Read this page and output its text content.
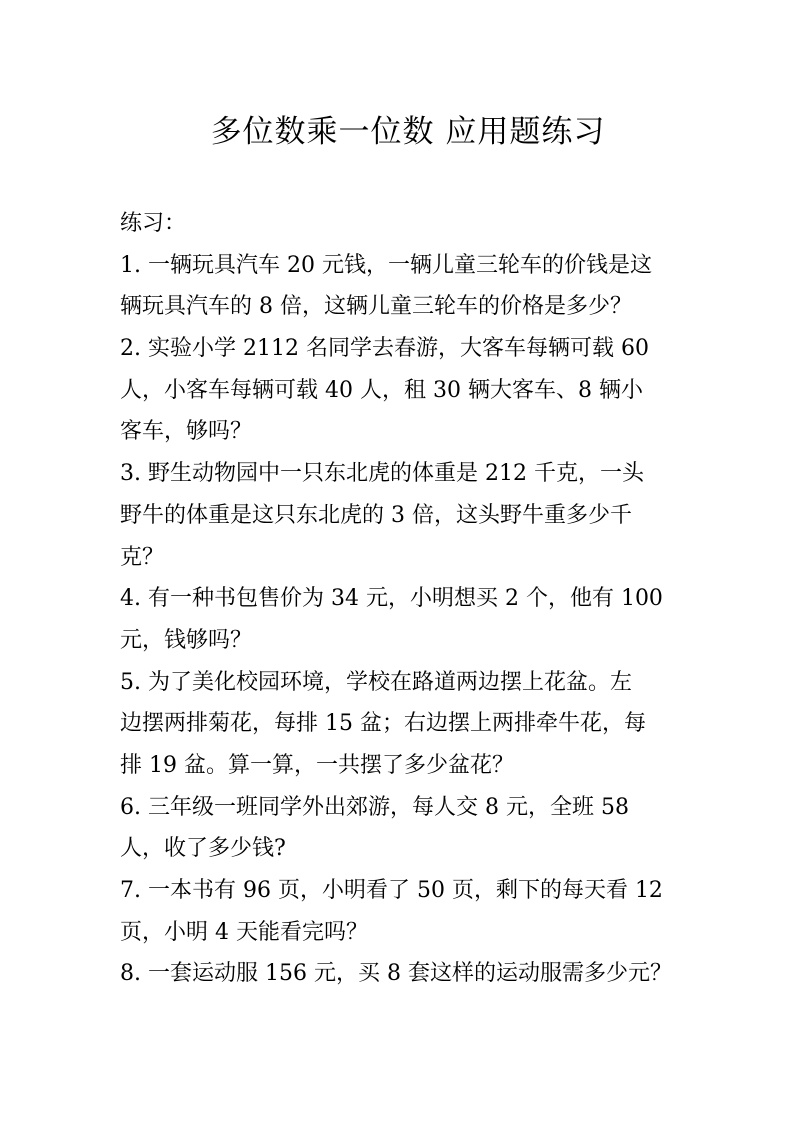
多位数乘一位数 应用题练习
练习：
1. 一辆玩具汽车 20 元钱，一辆儿童三轮车的价钱是这
辆玩具汽车的 8 倍，这辆儿童三轮车的价格是多少？
2. 实验小学 2112 名同学去春游，大客车每辆可载 60
人，小客车每辆可载 40 人，租 30 辆大客车、8 辆小
客车，够吗？
3. 野生动物园中一只东北虎的体重是 212 千克，一头
野牛的体重是这只东北虎的 3 倍，这头野牛重多少千
克？
4. 有一种书包售价为 34 元，小明想买 2 个，他有 100
元，钱够吗？
5. 为了美化校园环境，学校在路道两边摆上花盆。左
边摆两排菊花，每排 15 盆；右边摆上两排牵牛花，每
排 19 盆。算一算，一共摆了多少盆花？
6. 三年级一班同学外出郊游，每人交 8 元，全班 58
人，收了多少钱?
7. 一本书有 96 页，小明看了 50 页，剩下的每天看 12
页，小明 4 天能看完吗？
8. 一套运动服 156 元，买 8 套这样的运动服需多少元？
